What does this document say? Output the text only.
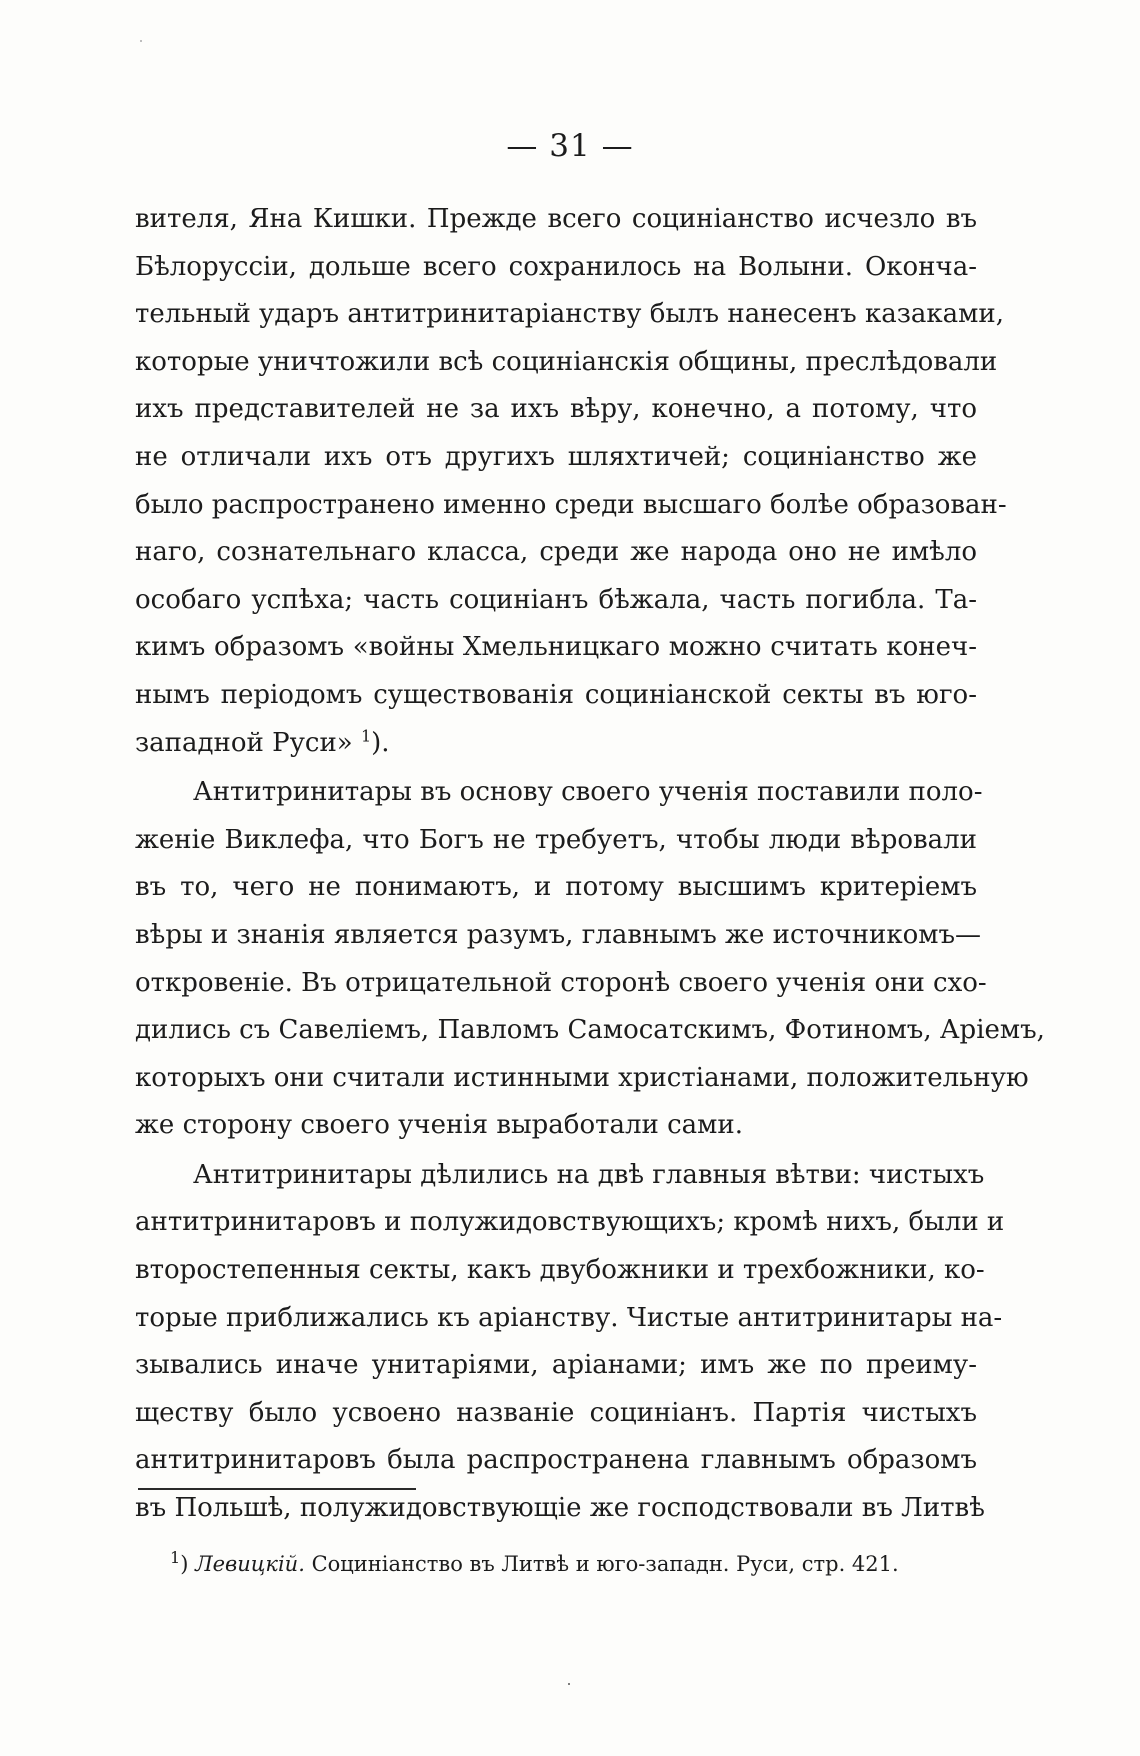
— 31 —
вителя, Яна Кишки. Прежде всего социніанство исчезло въ
Бѣлоруссіи, дольше всего сохранилось на Волыни. Оконча-
тельный ударъ антитринитаріанству былъ нанесенъ казаками,
которые уничтожили всѣ социніанскія общины, преслѣдовали
ихъ представителей не за ихъ вѣру, конечно, а потому, что
не отличали ихъ отъ другихъ шляхтичей; социніанство же
было распространено именно среди высшаго болѣе образован-
наго, сознательнаго класса, среди же народа оно не имѣло
особаго успѣха; часть социніанъ бѣжала, часть погибла. Та-
кимъ образомъ «войны Хмельницкаго можно считать конеч-
нымъ періодомъ существованія социніанской секты въ юго-
западной Руси» $^1$).
Антитринитары въ основу своего ученія поставили поло-
женіе Виклефа, что Богъ не требуетъ, чтобы люди вѣровали
въ то, чего не понимаютъ, и потому высшимъ критеріемъ
вѣры и знанія является разумъ, главнымъ же источникомъ—
откровеніе. Въ отрицательной сторонѣ своего ученія они схо-
дились съ Савеліемъ, Павломъ Самосатскимъ, Фотиномъ, Аріемъ,
которыхъ они считали истинными христіанами, положительную
же сторону своего ученія выработали сами.
Антитринитары дѣлились на двѣ главныя вѣтви: чистыхъ
антитринитаровъ и полужидовствующихъ; кромѣ нихъ, были и
второстепенныя секты, какъ двубожники и трехбожники, ко-
торые приближались къ аріанству. Чистые антитринитары на-
зывались иначе унитаріями, аріанами; имъ же по преиму-
ществу было усвоено названіе социніанъ. Партія чистыхъ
антитринитаровъ была распространена главнымъ образомъ
въ Польшѣ, полужидовствующіе же господствовали въ Литвѣ
$^1$) Левицкій. Социніанство въ Литвѣ и юго-западн. Руси, стр. 421.
